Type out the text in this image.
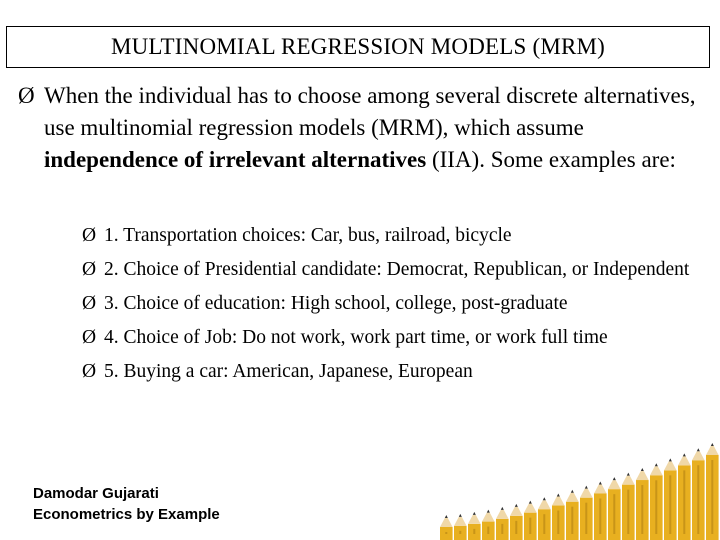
MULTINOMIAL REGRESSION MODELS (MRM)
Ø When the individual has to choose among several discrete alternatives, use multinomial regression models (MRM), which assume independence of irrelevant alternatives (IIA). Some examples are:
Ø 1. Transportation choices: Car, bus, railroad, bicycle
Ø 2. Choice of Presidential candidate: Democrat, Republican, or Independent
Ø 3. Choice of education: High school, college, post-graduate
Ø 4. Choice of Job: Do not work, work part time, or work full time
Ø 5. Buying a car: American, Japanese, European
Damodar Gujarati
Econometrics by Example
